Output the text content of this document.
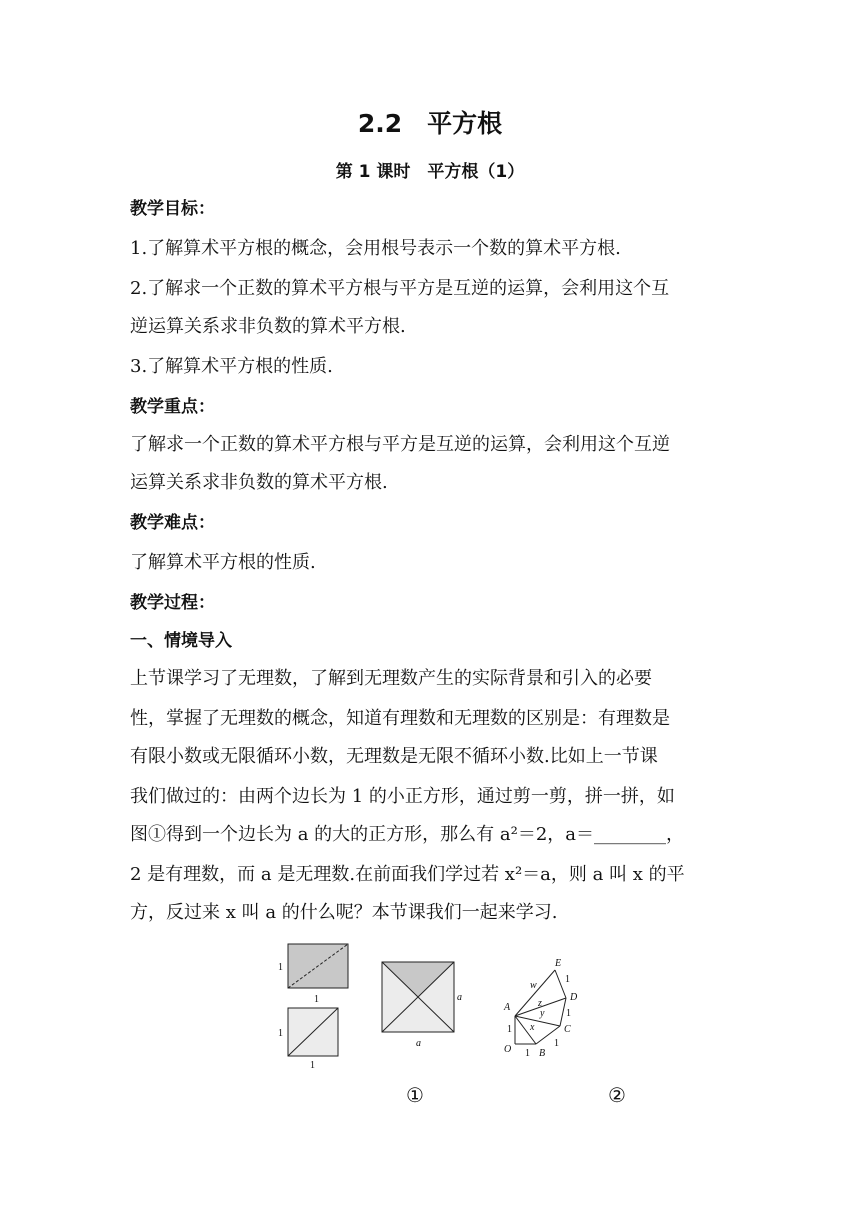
2.2　平方根
第 1 课时　平方根（1）
教学目标：
1.了解算术平方根的概念，会用根号表示一个数的算术平方根.
2.了解求一个正数的算术平方根与平方是互逆的运算，会利用这个互
逆运算关系求非负数的算术平方根.
3.了解算术平方根的性质.
教学重点：
了解求一个正数的算术平方根与平方是互逆的运算，会利用这个互逆
运算关系求非负数的算术平方根.
教学难点：
了解算术平方根的性质.
教学过程：
一、情境导入
上节课学习了无理数，了解到无理数产生的实际背景和引入的必要
性，掌握了无理数的概念，知道有理数和无理数的区别是：有理数是
有限小数或无限循环小数，无理数是无限不循环小数.比如上一节课
我们做过的：由两个边长为 1 的小正方形，通过剪一剪，拼一拼，如
图①得到一个边长为 a 的大的正方形，那么有 a²＝2，a＝________，
2 是有理数，而 a 是无理数.在前面我们学过若 x²＝a，则 a 叫 x 的平
方，反过来 x 叫 a 的什么呢？本节课我们一起来学习.
1
1
1
1
a
a
E
1
w
D
A	z
1
y
1 x	C
O 1 B
1
①	②
